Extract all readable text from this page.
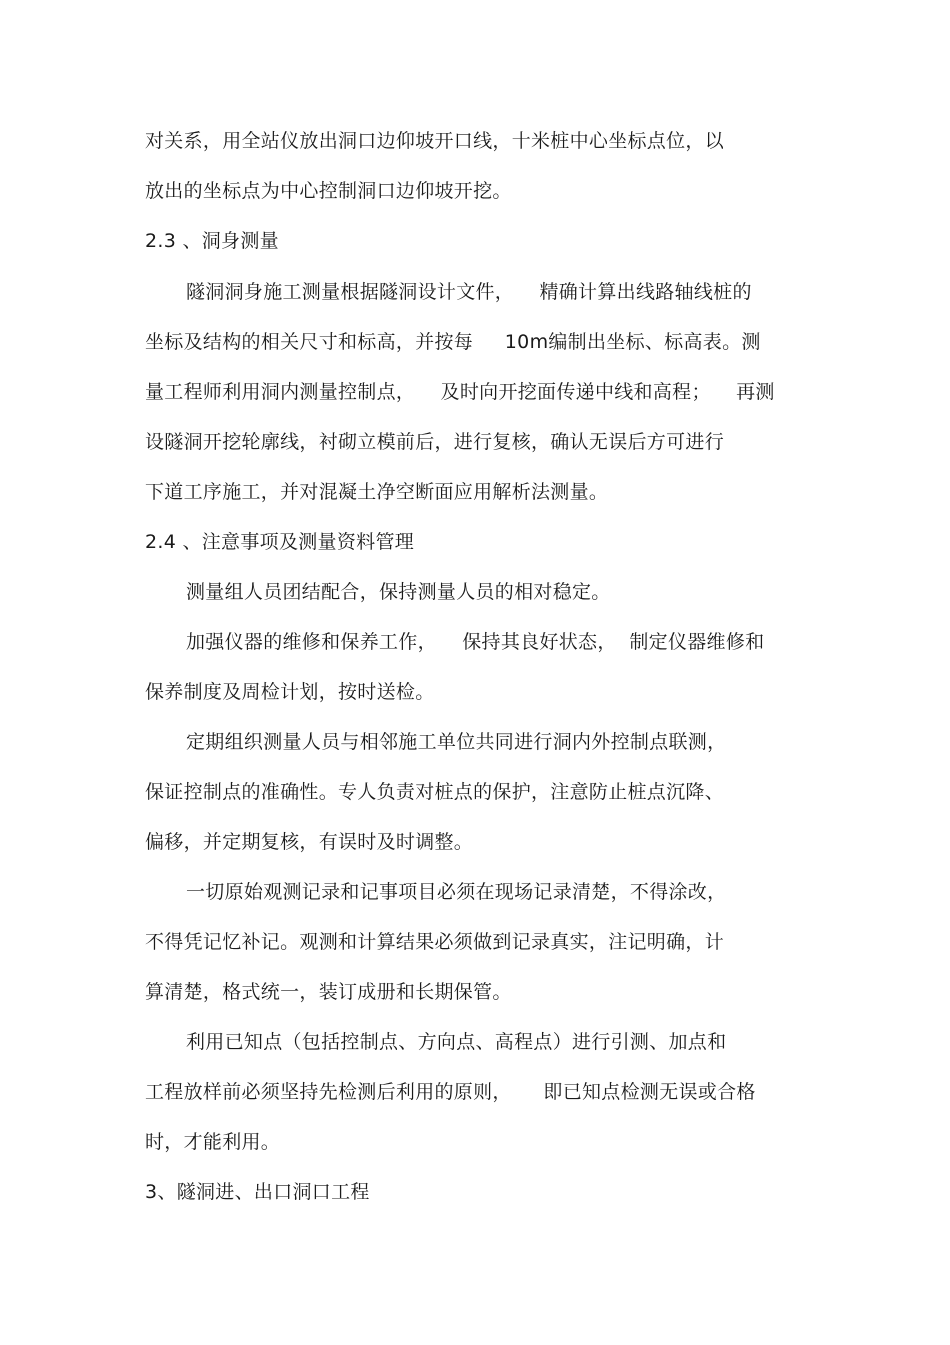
对关系，用全站仪放出洞口边仰坡开口线，十米桩中心坐标点位，以
放出的坐标点为中心控制洞口边仰坡开挖。
2.3 、洞身测量
隧洞洞身施工测量根据隧洞设计文件，    精确计算出线路轴线桩的
坐标及结构的相关尺寸和标高，并按每     10m编制出坐标、标高表。测
量工程师利用洞内测量控制点，    及时向开挖面传递中线和高程；    再测
设隧洞开挖轮廓线，衬砌立模前后，进行复核，确认无误后方可进行
下道工序施工，并对混凝土净空断面应用解析法测量。
2.4 、注意事项及测量资料管理
测量组人员团结配合，保持测量人员的相对稳定。
加强仪器的维修和保养工作，    保持其良好状态，  制定仪器维修和
保养制度及周检计划，按时送检。
定期组织测量人员与相邻施工单位共同进行洞内外控制点联测，
保证控制点的准确性。专人负责对桩点的保护，注意防止桩点沉降、
偏移，并定期复核，有误时及时调整。
一切原始观测记录和记事项目必须在现场记录清楚，不得涂改，
不得凭记忆补记。观测和计算结果必须做到记录真实，注记明确，计
算清楚，格式统一，装订成册和长期保管。
利用已知点（包括控制点、方向点、高程点）进行引测、加点和
工程放样前必须坚持先检测后利用的原则，     即已知点检测无误或合格
时，才能利用。
3、隧洞进、出口洞口工程
